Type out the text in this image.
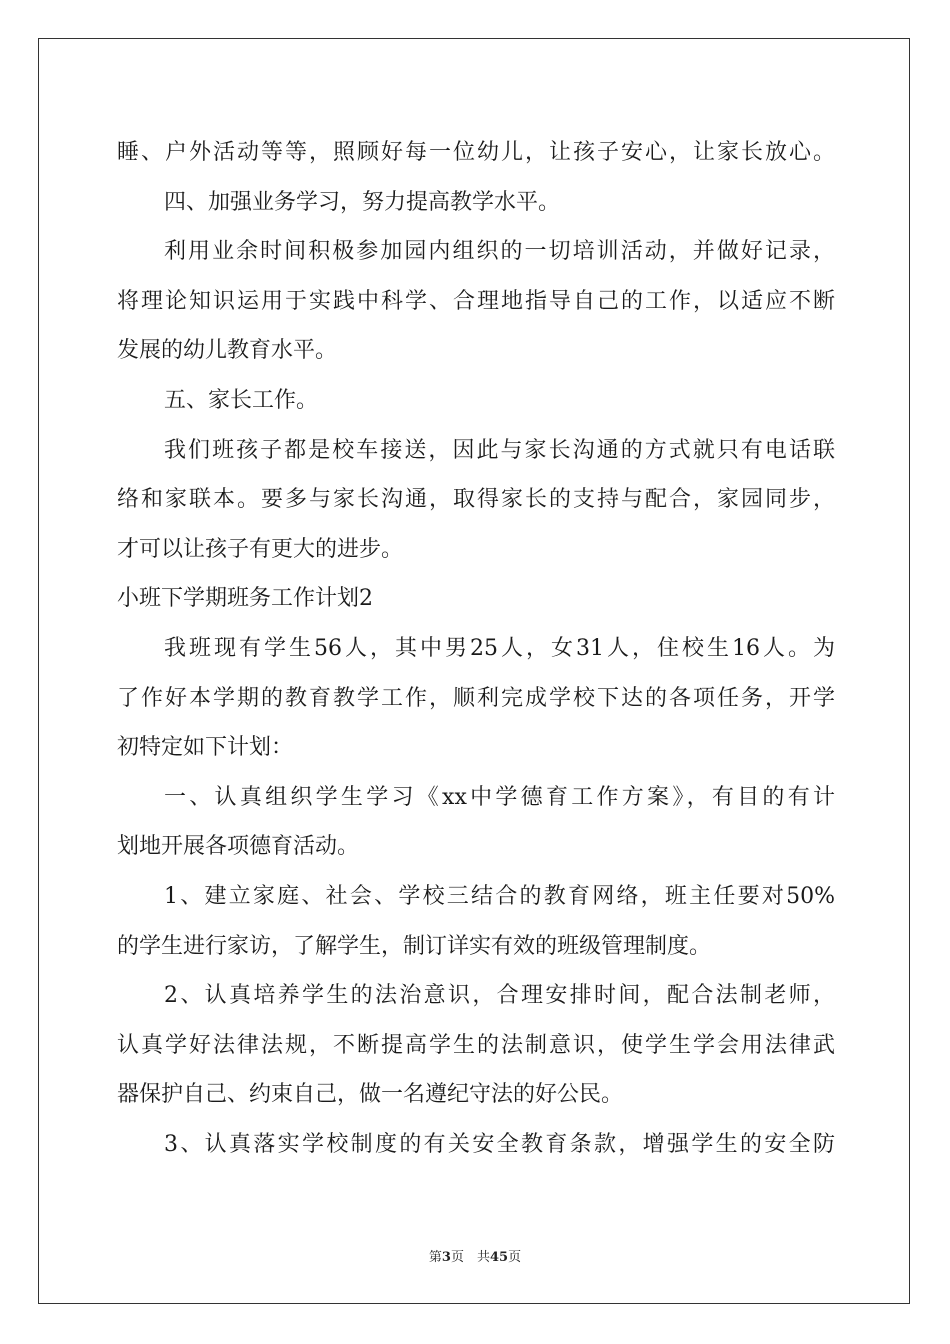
睡、户外活动等等，照顾好每一位幼儿，让孩子安心，让家长放心。
四、加强业务学习，努力提高教学水平。
利用业余时间积极参加园内组织的一切培训活动，并做好记录，
将理论知识运用于实践中科学、合理地指导自己的工作，以适应不断
发展的幼儿教育水平。
五、家长工作。
我们班孩子都是校车接送，因此与家长沟通的方式就只有电话联
络和家联本。要多与家长沟通，取得家长的支持与配合，家园同步，
才可以让孩子有更大的进步。
小班下学期班务工作计划2
我班现有学生56人，其中男25人，女31人，住校生16人。为
了作好本学期的教育教学工作，顺利完成学校下达的各项任务，开学
初特定如下计划：
一、认真组织学生学习《xx中学德育工作方案》，有目的有计
划地开展各项德育活动。
1、建立家庭、社会、学校三结合的教育网络，班主任要对50%
的学生进行家访，了解学生，制订详实有效的班级管理制度。
2、认真培养学生的法治意识，合理安排时间，配合法制老师，
认真学好法律法规，不断提高学生的法制意识，使学生学会用法律武
器保护自己、约束自己，做一名遵纪守法的好公民。
3、认真落实学校制度的有关安全教育条款，增强学生的安全防
第3页　共45页
